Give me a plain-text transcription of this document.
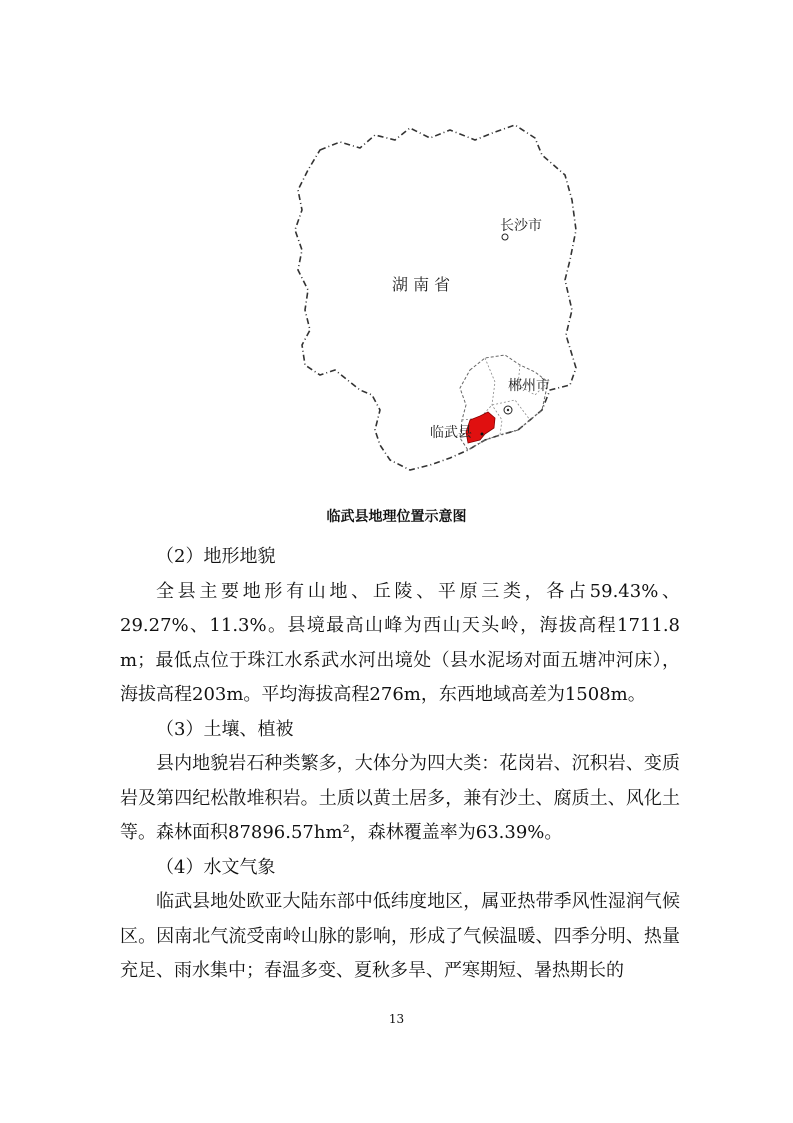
湖 南 省
长沙市
郴州市
临武县
临武县地理位置示意图

（2）地形地貌

全县主要地形有山地、丘陵、平原三类，各占59.43%、29.27%、11.3%。县境最高山峰为西山天头岭，海拔高程1711.8 m；最低点位于珠江水系武水河出境处（县水泥场对面五塘冲河床），海拔高程203m。平均海拔高程276m，东西地域高差为1508m。

（3）土壤、植被

县内地貌岩石种类繁多，大体分为四大类：花岗岩、沉积岩、变质岩及第四纪松散堆积岩。土质以黄土居多，兼有沙土、腐质土、风化土等。森林面积87896.57hm²，森林覆盖率为63.39%。

（4）水文气象

临武县地处欧亚大陆东部中低纬度地区，属亚热带季风性湿润气候区。因南北气流受南岭山脉的影响，形成了气候温暖、四季分明、热量充足、雨水集中；春温多变、夏秋多旱、严寒期短、暑热期长的

13
